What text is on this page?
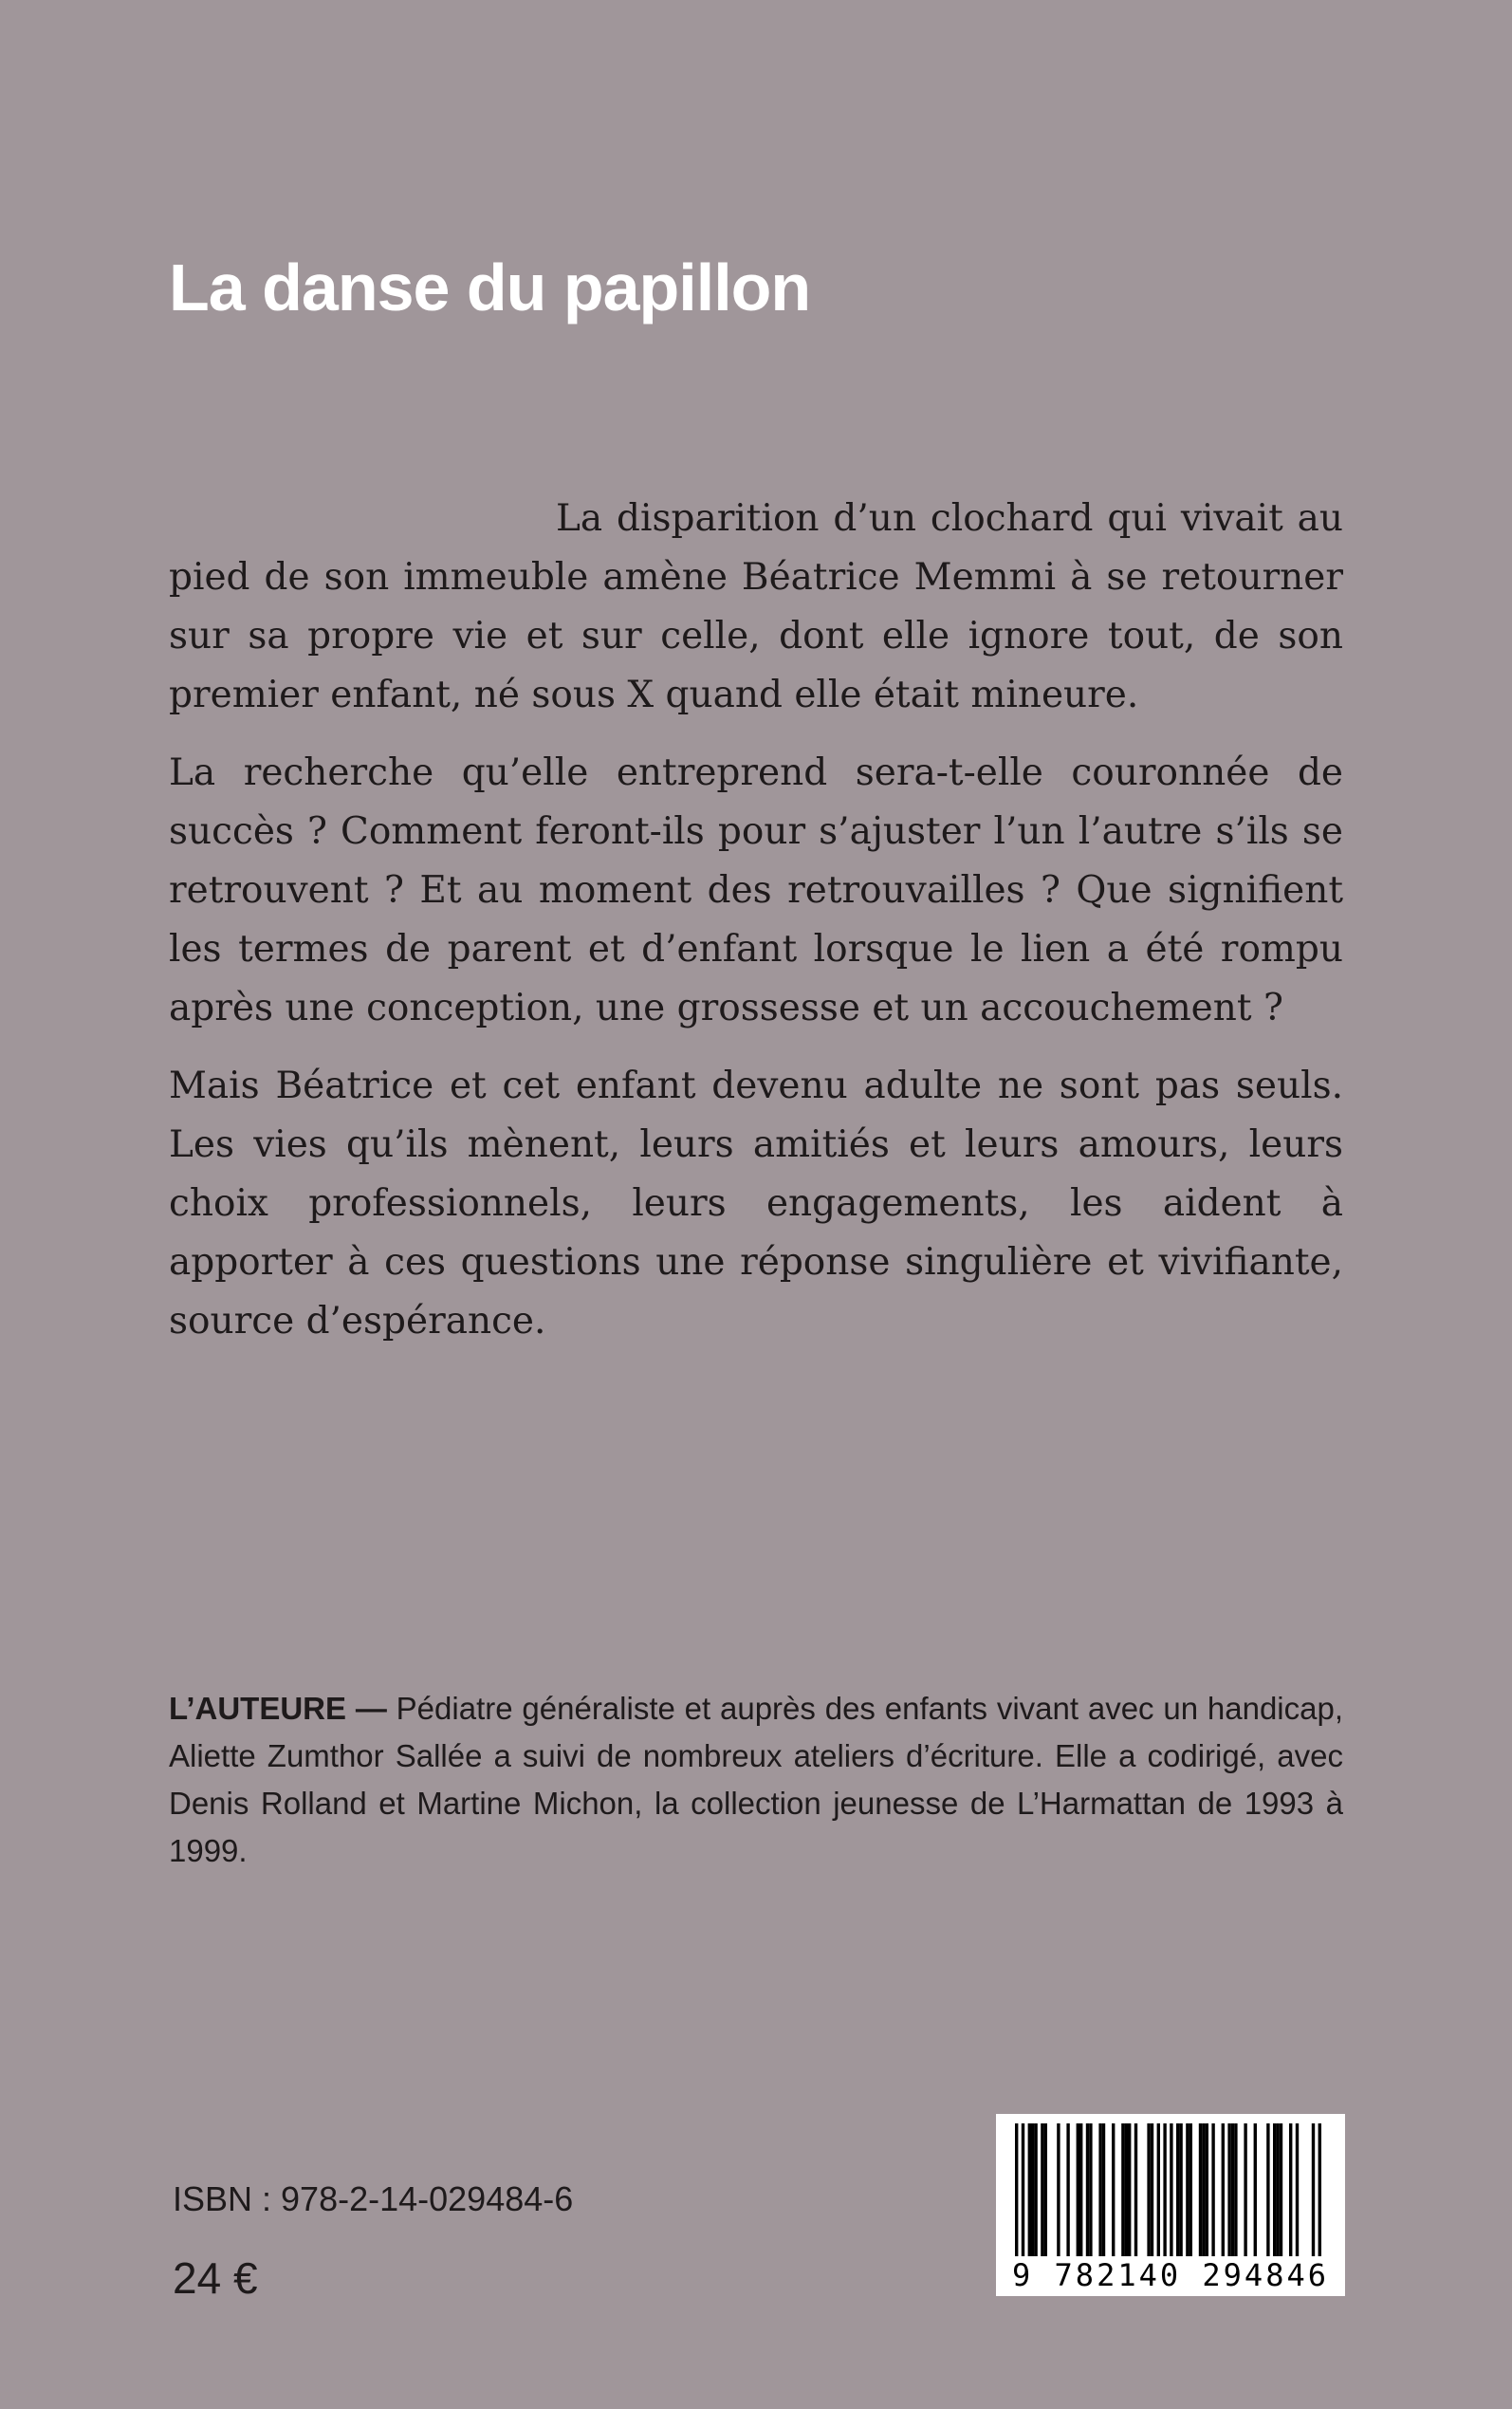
La danse du papillon

La disparition d’un clochard qui vivait au pied de son immeuble amène Béatrice Memmi à se retourner sur sa propre vie et sur celle, dont elle ignore tout, de son premier enfant, né sous X quand elle était mineure.

La recherche qu’elle entreprend sera-t-elle couronnée de succès ? Comment feront-ils pour s’ajuster l’un l’autre s’ils se retrouvent ? Et au moment des retrouvailles ? Que signifient les termes de parent et d’enfant lorsque le lien a été rompu après une conception, une grossesse et un accouchement ?

Mais Béatrice et cet enfant devenu adulte ne sont pas seuls. Les vies qu’ils mènent, leurs amitiés et leurs amours, leurs choix professionnels, leurs engagements, les aident à apporter à ces questions une réponse singulière et vivifiante, source d’espérance.

L’AUTEURE — Pédiatre généraliste et auprès des enfants vivant avec un handicap, Aliette Zumthor Sallée a suivi de nombreux ateliers d’écriture. Elle a codirigé, avec Denis Rolland et Martine Michon, la collection jeunesse de L’Harmattan de 1993 à 1999.

ISBN : 978-2-14-029484-6

24 €	9 782140 294846
